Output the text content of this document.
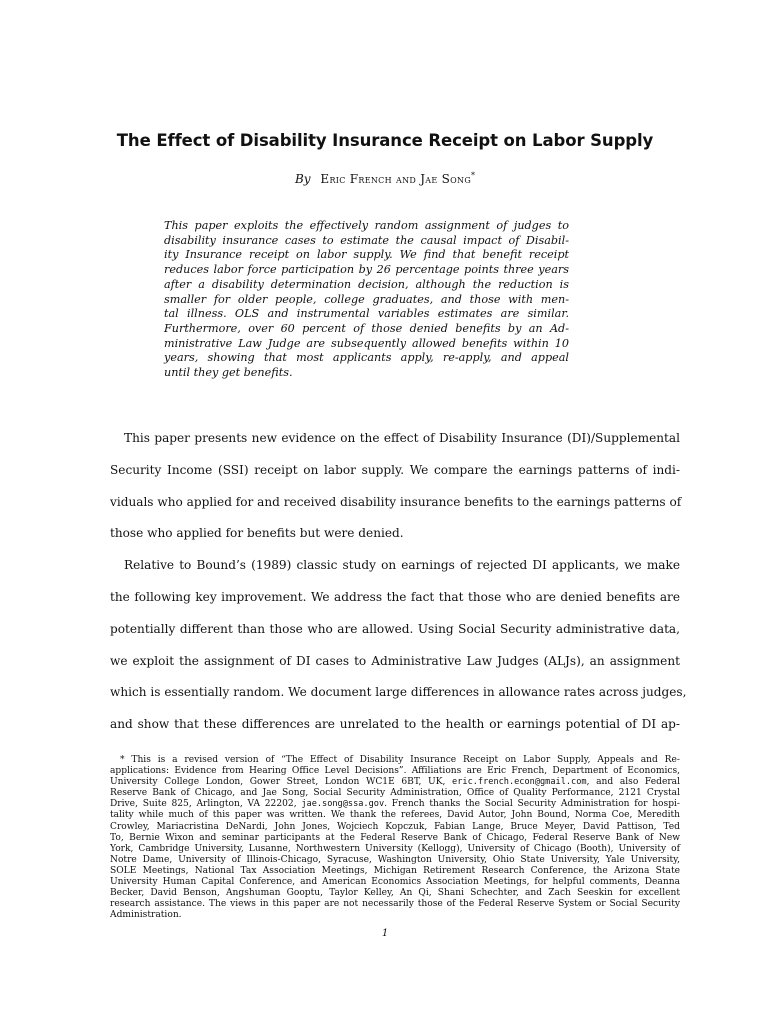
The Effect of Disability Insurance Receipt on Labor Supply
By Eric French and Jae Song*
This paper exploits the effectively random assignment of judges to
disability insurance cases to estimate the causal impact of Disabil-
ity Insurance receipt on labor supply. We find that benefit receipt
reduces labor force participation by 26 percentage points three years
after a disability determination decision, although the reduction is
smaller for older people, college graduates, and those with men-
tal illness. OLS and instrumental variables estimates are similar.
Furthermore, over 60 percent of those denied benefits by an Ad-
ministrative Law Judge are subsequently allowed benefits within 10
years, showing that most applicants apply, re-apply, and appeal
until they get benefits.
This paper presents new evidence on the effect of Disability Insurance (DI)/Supplemental
Security Income (SSI) receipt on labor supply. We compare the earnings patterns of indi-
viduals who applied for and received disability insurance benefits to the earnings patterns of
those who applied for benefits but were denied.
Relative to Bound’s (1989) classic study on earnings of rejected DI applicants, we make
the following key improvement. We address the fact that those who are denied benefits are
potentially different than those who are allowed. Using Social Security administrative data,
we exploit the assignment of DI cases to Administrative Law Judges (ALJs), an assignment
which is essentially random. We document large differences in allowance rates across judges,
and show that these differences are unrelated to the health or earnings potential of DI ap-
* This is a revised version of “The Effect of Disability Insurance Receipt on Labor Supply, Appeals and Re-
applications: Evidence from Hearing Office Level Decisions”. Affiliations are Eric French, Department of Economics,
University College London, Gower Street, London WC1E 6BT, UK, eric.french.econ@gmail.com, and also Federal
Reserve Bank of Chicago, and Jae Song, Social Security Administration, Office of Quality Performance, 2121 Crystal
Drive, Suite 825, Arlington, VA 22202, jae.song@ssa.gov. French thanks the Social Security Administration for hospi-
tality while much of this paper was written. We thank the referees, David Autor, John Bound, Norma Coe, Meredith
Crowley, Mariacristina DeNardi, John Jones, Wojciech Kopczuk, Fabian Lange, Bruce Meyer, David Pattison, Ted
To, Bernie Wixon and seminar participants at the Federal Reserve Bank of Chicago, Federal Reserve Bank of New
York, Cambridge University, Lusanne, Northwestern University (Kellogg), University of Chicago (Booth), University of
Notre Dame, University of Illinois-Chicago, Syracuse, Washington University, Ohio State University, Yale University,
SOLE Meetings, National Tax Association Meetings, Michigan Retirement Research Conference, the Arizona State
University Human Capital Conference, and American Economics Association Meetings, for helpful comments, Deanna
Becker, David Benson, Angshuman Gooptu, Taylor Kelley, An Qi, Shani Schechter, and Zach Seeskin for excellent
research assistance. The views in this paper are not necessarily those of the Federal Reserve System or Social Security
Administration.
1
